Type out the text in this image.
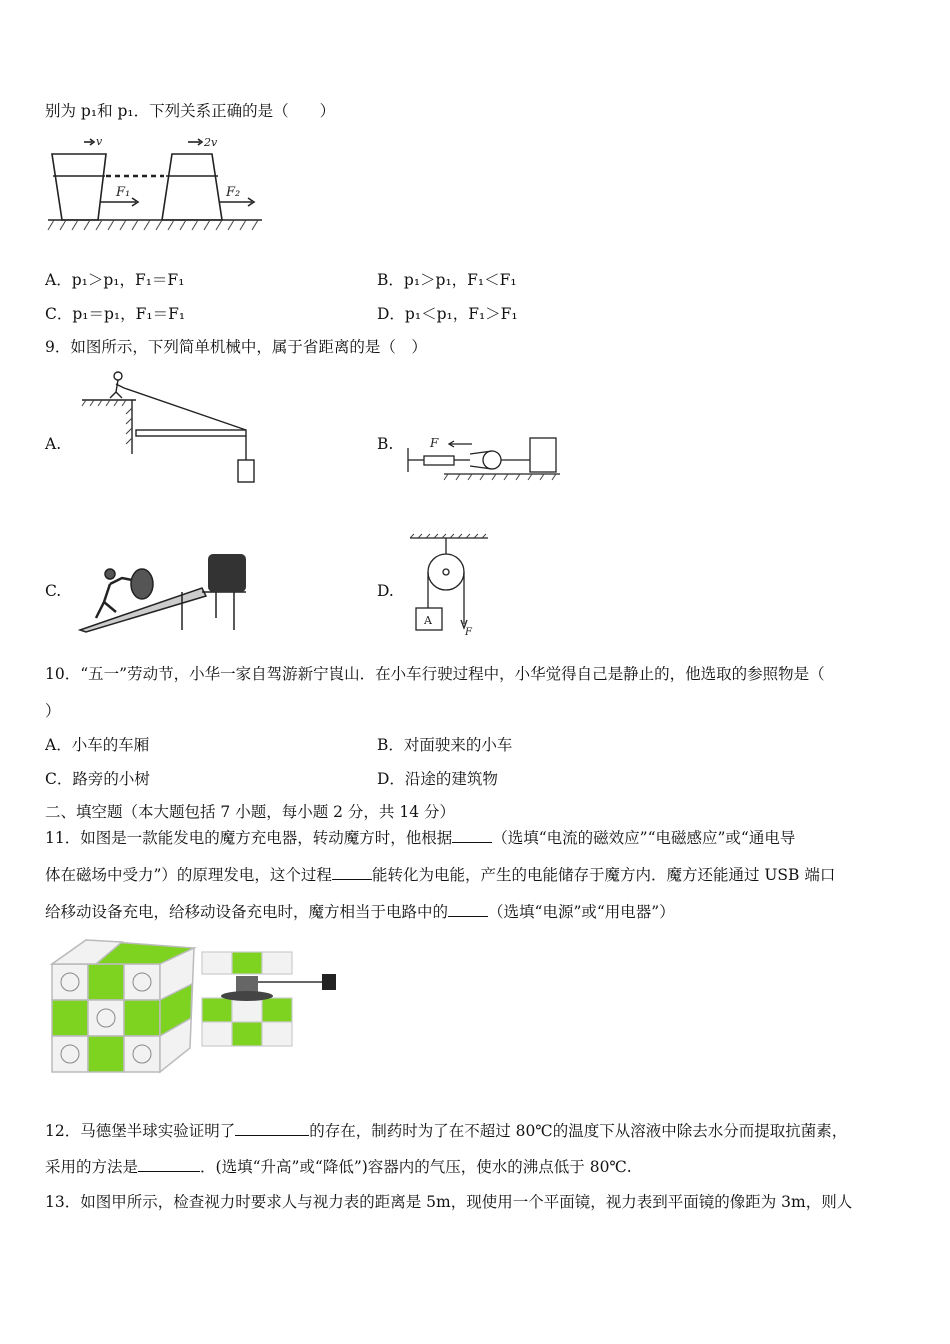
别为 p₁和 p₁．下列关系正确的是（　　）
v	2v
F₁	F₂
A．p₁＞p₁，F₁＝F₁	B．p₁＞p₁，F₁＜F₁
C．p₁＝p₁，F₁＝F₁	D．p₁＜p₁，F₁＞F₁
9．如图所示，下列简单机械中，属于省距离的是（　）
A.	B.	F
C.	D.
A
F
10．“五一”劳动节，小华一家自驾游新宁崀山．在小车行驶过程中，小华觉得自己是静止的，他选取的参照物是（
）
A．小车的车厢	B．对面驶来的小车
C．路旁的小树	D．沿途的建筑物
二、填空题（本大题包括 7 小题，每小题 2 分，共 14 分）
11．如图是一款能发电的魔方充电器，转动魔方时，他根据	（选填“电流的磁效应”“电磁感应”或“通电导
体在磁场中受力”）的原理发电，这个过程	能转化为电能，产生的电能储存于魔方内．魔方还能通过 USB 端口
给移动设备充电，给移动设备充电时，魔方相当于电路中的	（选填“电源”或“用电器”）
12．马德堡半球实验证明了	的存在，制药时为了在不超过 80℃的温度下从溶液中除去水分而提取抗菌素，
采用的方法是	．(选填“升高”或“降低”)容器内的气压，使水的沸点低于 80℃.
13．如图甲所示，检查视力时要求人与视力表的距离是 5m，现使用一个平面镜，视力表到平面镜的像距为 3m，则人
